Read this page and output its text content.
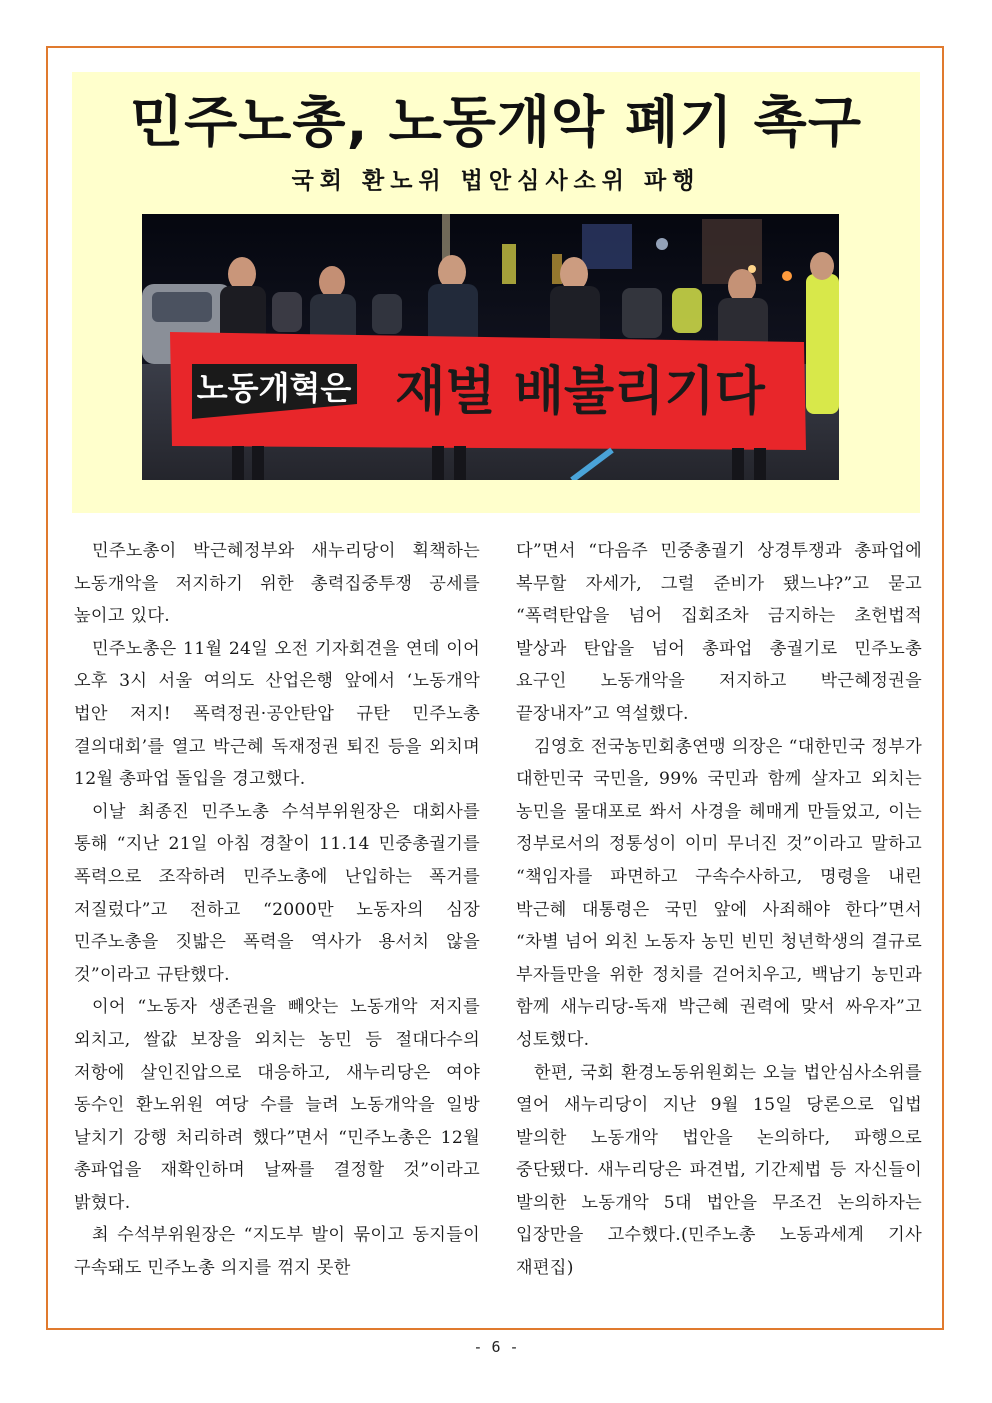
민주노총, 노동개악 폐기 촉구
국회 환노위 법안심사소위 파행
노동개혁은 재벌 배불리기다

민주노총이 박근혜정부와 새누리당이 획책하는 노동개악을 저지하기 위한 총력집중투쟁 공세를 높이고 있다.

민주노총은 11월 24일 오전 기자회견을 연데 이어 오후 3시 서울 여의도 산업은행 앞에서 ‘노동개악 법안 저지! 폭력정권·공안탄압 규탄 민주노총 결의대회’를 열고 박근혜 독재정권 퇴진 등을 외치며 12월 총파업 돌입을 경고했다.

이날 최종진 민주노총 수석부위원장은 대회사를 통해 “지난 21일 아침 경찰이 11.14 민중총궐기를 폭력으로 조작하려 민주노총에 난입하는 폭거를 저질렀다”고 전하고 “2000만 노동자의 심장 민주노총을 짓밟은 폭력을 역사가 용서치 않을 것”이라고 규탄했다.

이어 “노동자 생존권을 빼앗는 노동개악 저지를 외치고, 쌀값 보장을 외치는 농민 등 절대다수의 저항에 살인진압으로 대응하고, 새누리당은 여야 동수인 환노위원 여당 수를 늘려 노동개악을 일방 날치기 강행 처리하려 했다”면서 “민주노총은 12월 총파업을 재확인하며 날짜를 결정할 것”이라고 밝혔다.

최 수석부위원장은 “지도부 발이 묶이고 동지들이 구속돼도 민주노총 의지를 꺾지 못한

다”면서 “다음주 민중총궐기 상경투쟁과 총파업에 복무할 자세가, 그럴 준비가 됐느냐?”고 묻고 “폭력탄압을 넘어 집회조차 금지하는 초헌법적 발상과 탄압을 넘어 총파업 총궐기로 민주노총 요구인 노동개악을 저지하고 박근혜정권을 끝장내자”고 역설했다.

김영호 전국농민회총연맹 의장은 “대한민국 정부가 대한민국 국민을, 99% 국민과 함께 살자고 외치는 농민을 물대포로 쏴서 사경을 헤매게 만들었고, 이는 정부로서의 정통성이 이미 무너진 것”이라고 말하고 “책임자를 파면하고 구속수사하고, 명령을 내린 박근혜 대통령은 국민 앞에 사죄해야 한다”면서 “차별 넘어 외친 노동자 농민 빈민 청년학생의 결규로 부자들만을 위한 정치를 걷어치우고, 백남기 농민과 함께 새누리당-독재 박근혜 권력에 맞서 싸우자”고 성토했다.

한편, 국회 환경노동위원회는 오늘 법안심사소위를 열어 새누리당이 지난 9월 15일 당론으로 입법 발의한 노동개악 법안을 논의하다, 파행으로 중단됐다. 새누리당은 파견법, 기간제법 등 자신들이 발의한 노동개악 5대 법안을 무조건 논의하자는 입장만을 고수했다.(민주노총 노동과세계 기사 재편집)

- 6 -
